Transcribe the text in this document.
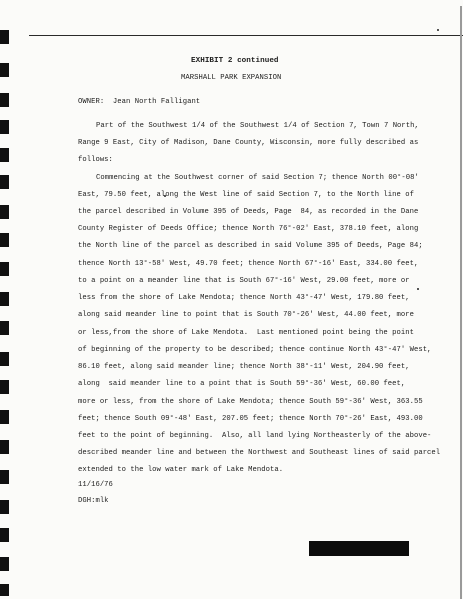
EXHIBIT 2 continued
MARSHALL PARK EXPANSION
OWNER:  Jean North Falligant
Part of the Southwest 1/4 of the Southwest 1/4 of Section 7, Town 7 North,
Range 9 East, City of Madison, Dane County, Wisconsin, more fully described as
follows:
Commencing at the Southwest corner of said Section 7; thence North 00°-08'
East, 79.50 feet, along the West line of said Section 7, to the North line of
the parcel described in Volume 395 of Deeds, Page  84, as recorded in the Dane
County Register of Deeds Office; thence North 76°-02' East, 378.10 feet, along
the North line of the parcel as described in said Volume 395 of Deeds, Page 84;
thence North 13°-58' West, 49.70 feet; thence North 67°-16' East, 334.00 feet,
to a point on a meander line that is South 67°-16' West, 29.00 feet, more or
less from the shore of Lake Mendota; thence North 43°-47' West, 179.80 feet,
along said meander line to point that is South 70°-26' West, 44.00 feet, more
or less,from the shore of Lake Mendota.  Last mentioned point being the point
of beginning of the property to be described; thence continue North 43°-47' West,
86.10 feet, along said meander line; thence North 38°-11' West, 204.90 feet,
along  said meander line to a point that is South 59°-36' West, 60.00 feet,
more or less, from the shore of Lake Mendota; thence South 59°-36' West, 363.55
feet; thence South 09°-48' East, 207.05 feet; thence North 70°-26' East, 493.00
feet to the point of beginning.  Also, all land lying Northeasterly of the above-
described meander line and between the Northwest and Southeast lines of said parcel
extended to the low water mark of Lake Mendota.
11/16/76
DGH:mlk
